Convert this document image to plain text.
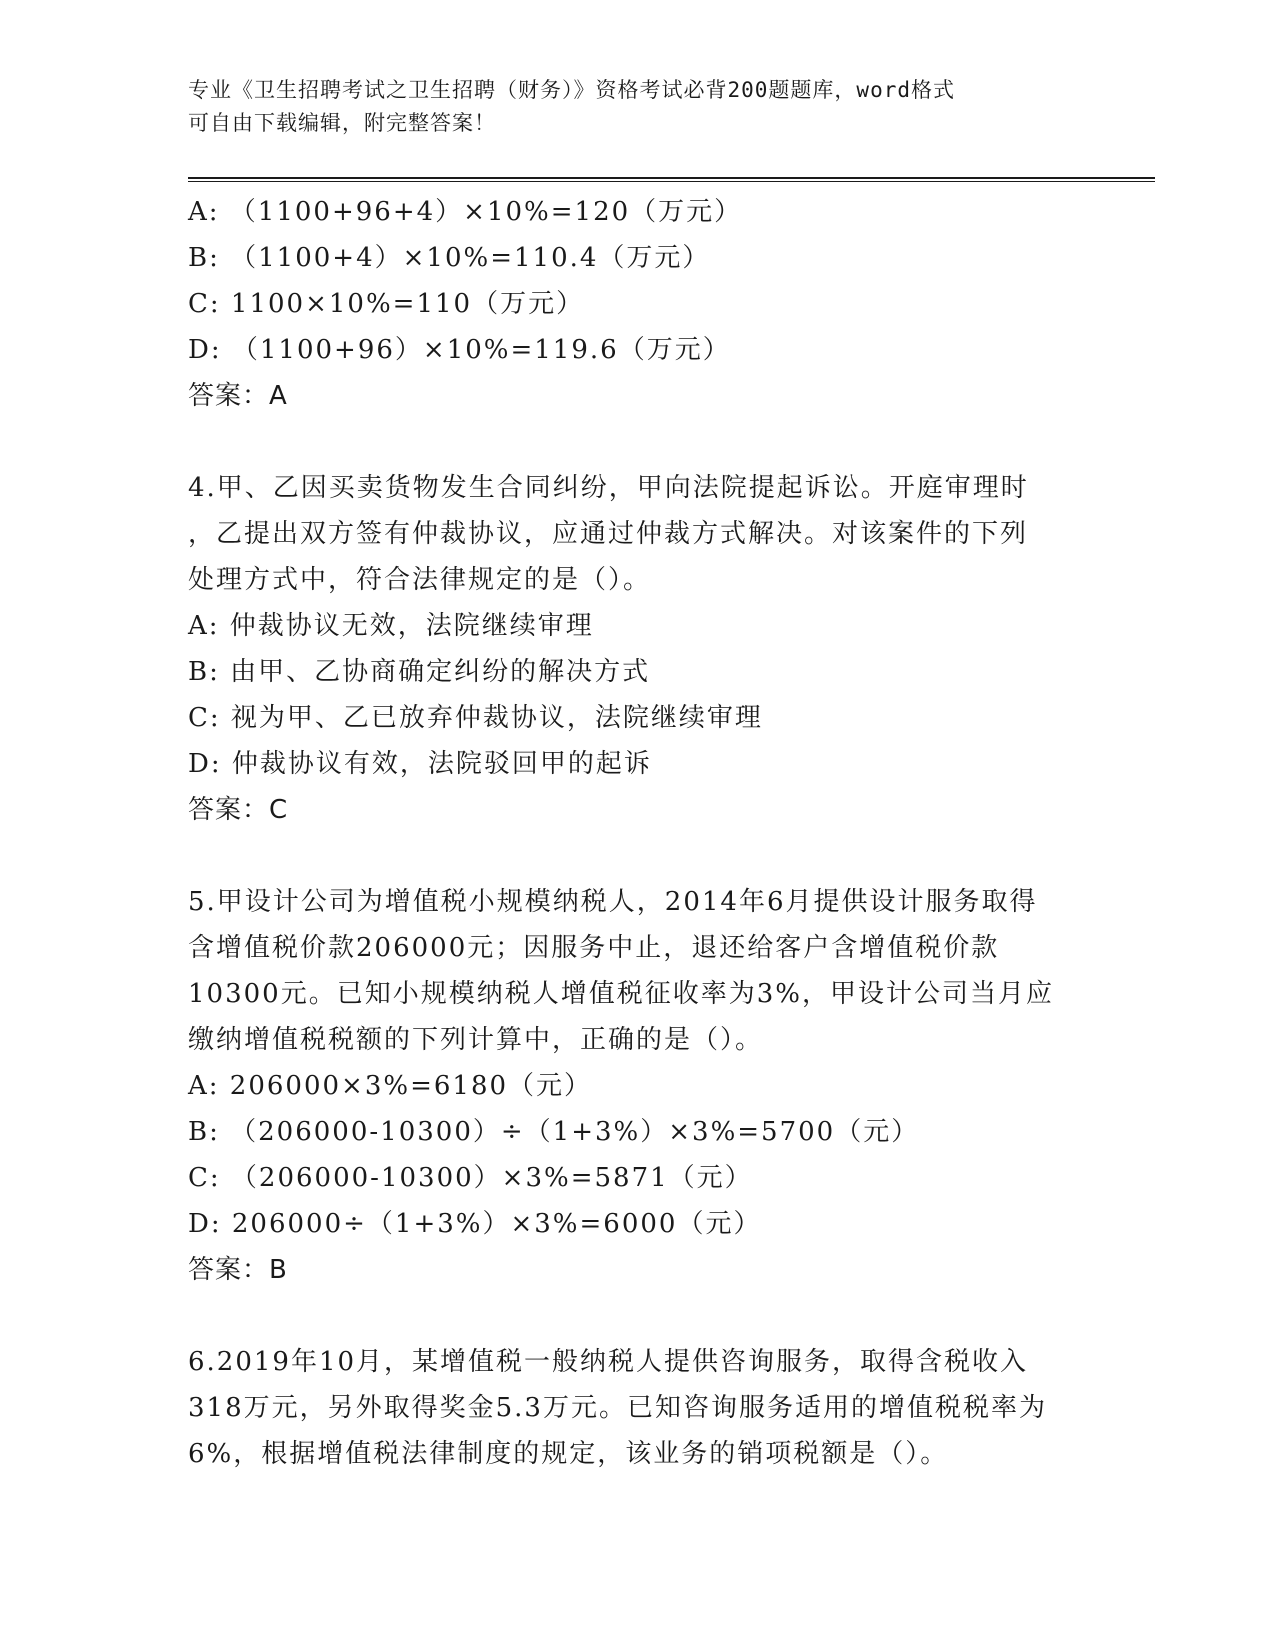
专业《卫生招聘考试之卫生招聘（财务）》资格考试必背200题题库，word格式
可自由下载编辑，附完整答案！
A: （1100+96+4）×10%=120（万元）
B: （1100+4）×10%=110.4（万元）
C: 1100×10%=110（万元）
D: （1100+96）×10%=119.6（万元）
答案：A
4.甲、乙因买卖货物发生合同纠纷，甲向法院提起诉讼。开庭审理时
，乙提出双方签有仲裁协议，应通过仲裁方式解决。对该案件的下列
处理方式中，符合法律规定的是（）。
A: 仲裁协议无效，法院继续审理
B: 由甲、乙协商确定纠纷的解决方式
C: 视为甲、乙已放弃仲裁协议，法院继续审理
D: 仲裁协议有效，法院驳回甲的起诉
答案：C
5.甲设计公司为增值税小规模纳税人，2014年6月提供设计服务取得
含增值税价款206000元；因服务中止，退还给客户含增值税价款
10300元。已知小规模纳税人增值税征收率为3%，甲设计公司当月应
缴纳增值税税额的下列计算中，正确的是（）。
A: 206000×3%=6180（元）
B: （206000-10300）÷（1+3%）×3%=5700（元）
C: （206000-10300）×3%=5871（元）
D: 206000÷（1+3%）×3%=6000（元）
答案：B
6.2019年10月，某增值税一般纳税人提供咨询服务，取得含税收入
318万元，另外取得奖金5.3万元。已知咨询服务适用的增值税税率为
6%，根据增值税法律制度的规定，该业务的销项税额是（）。
